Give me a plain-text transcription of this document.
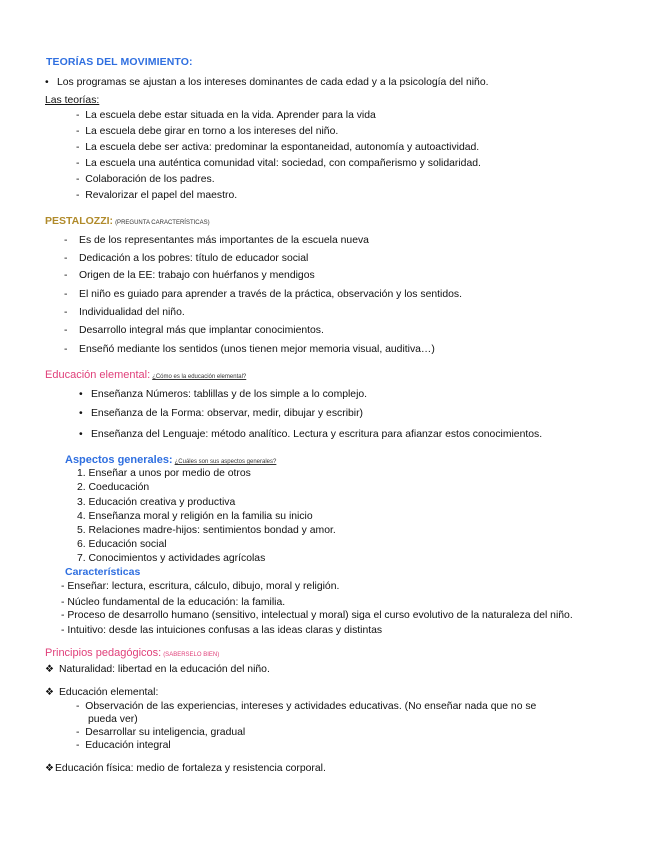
TEORÍAS DEL MOVIMIENTO:
• Los programas se ajustan a los intereses dominantes de cada edad y a la psicología del niño.
Las teorías:
-  La escuela debe estar situada en la vida. Aprender para la vida
-  La escuela debe girar en torno a los intereses del niño.
-  La escuela debe ser activa: predominar la espontaneidad, autonomía y autoactividad.
-  La escuela una auténtica comunidad vital: sociedad, con compañerismo y solidaridad.
-  Colaboración de los padres.
-  Revalorizar el papel del maestro.
PESTALOZZI: (PREGUNTA CARACTERÍSTICAS)
-    Es de los representantes más importantes de la escuela nueva
-    Dedicación a los pobres: título de educador social
-    Origen de la EE: trabajo con huérfanos y mendigos
-    El niño es guiado para aprender a través de la práctica, observación y los sentidos.
-    Individualidad del niño.
-    Desarrollo integral más que implantar conocimientos.
-    Enseñó mediante los sentidos (unos tienen mejor memoria visual, auditiva…)
Educación elemental: ¿Cómo es la educación elemental?
• Enseñanza Números: tablillas y de los simple a lo complejo.
• Enseñanza de la Forma: observar, medir, dibujar y escribir)
• Enseñanza del Lenguaje: método analítico. Lectura y escritura para afianzar estos conocimientos.
Aspectos generales: ¿Cuáles son sus aspectos generales?
1. Enseñar a unos por medio de otros
2. Coeducación
3. Educación creativa y productiva
4. Enseñanza moral y religión en la familia su inicio
5. Relaciones madre-hijos: sentimientos bondad y amor.
6. Educación social
7. Conocimientos y actividades agrícolas
Características
- Enseñar: lectura, escritura, cálculo, dibujo, moral y religión.
- Núcleo fundamental de la educación: la familia.
- Proceso de desarrollo humano (sensitivo, intelectual y moral) siga el curso evolutivo de la naturaleza del niño.
- Intuitivo: desde las intuiciones confusas a las ideas claras y distintas
Principios pedagógicos: (SABERSELO BIEN)
❖ Naturalidad: libertad en la educación del niño.
❖ Educación elemental:
-  Observación de las experiencias, intereses y actividades educativas. (No enseñar nada que no se
pueda ver)
-  Desarrollar su inteligencia, gradual
-  Educación integral
❖Educación física: medio de fortaleza y resistencia corporal.
